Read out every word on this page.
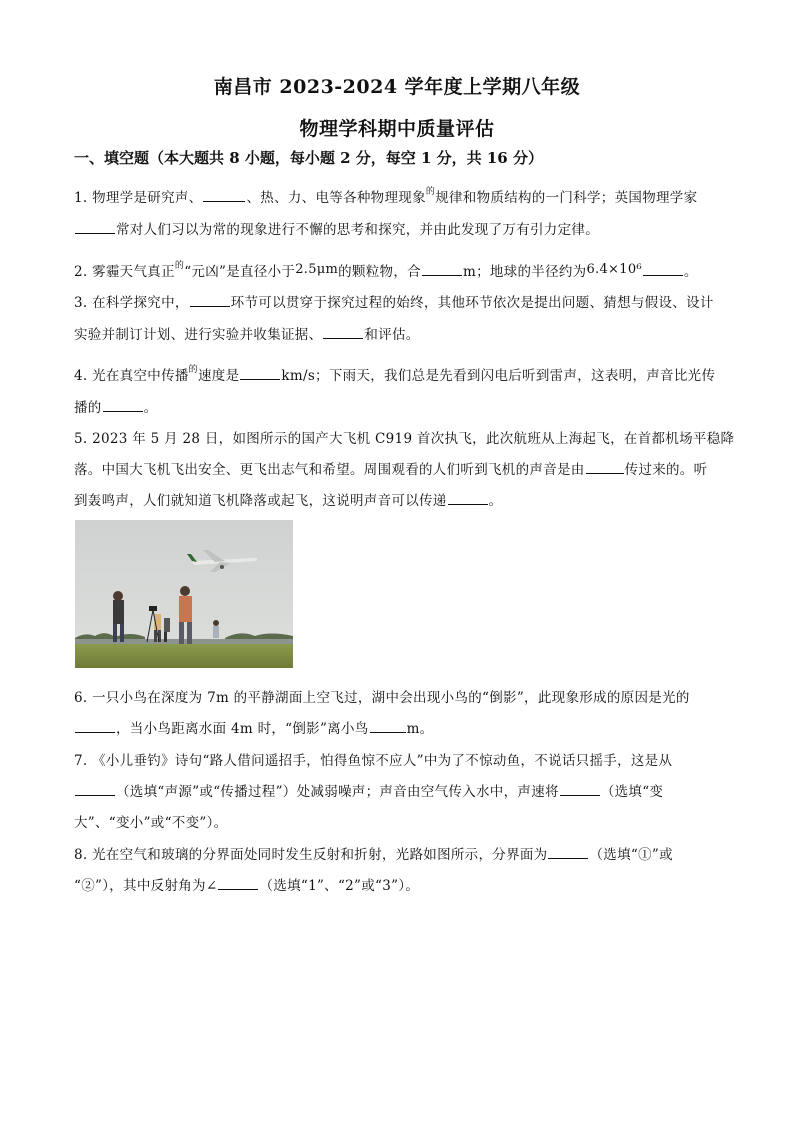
南昌市 2023-2024 学年度上学期八年级
物理学科期中质量评估
一、填空题（本大题共 8 小题，每小题 2 分，每空 1 分，共 16 分）
1. 物理学是研究声、	、热、力、电等各种物理现象$^的$规律和物质结构的一门科学；英国物理学家
常对人们习以为常的现象进行不懈的思考和探究，并由此发现了万有引力定律。
2. 雾霾天气真正$^的$“元凶”是直径小于2.5μm的颗粒物，合	m；地球的半径约为6.4×10⁶	。
3. 在科学探究中，	环节可以贯穿于探究过程的始终，其他环节依次是提出问题、猜想与假设、设计
实验并制订计划、进行实验并收集证据、	和评估。
4. 光在真空中传播$^的$速度是	km/s；下雨天，我们总是先看到闪电后听到雷声，这表明，声音比光传
播的	。
5. 2023 年 5 月 28 日，如图所示的国产大飞机 C919 首次执飞，此次航班从上海起飞，在首都机场平稳降
落。中国大飞机飞出安全、更飞出志气和希望。周围观看的人们听到飞机的声音是由	传过来的。听
到轰鸣声，人们就知道飞机降落或起飞，这说明声音可以传递	。
6. 一只小鸟在深度为 7m 的平静湖面上空飞过，湖中会出现小鸟的“倒影”，此现象形成的原因是光的
，当小鸟距离水面 4m 时，“倒影”离小鸟	m。
7. 《小儿垂钓》诗句“路人借问遥招手，怕得鱼惊不应人”中为了不惊动鱼，不说话只摇手，这是从
（选填“声源”或“传播过程”）处减弱噪声；声音由空气传入水中，声速将	（选填“变
大”、“变小”或“不变”）。
8. 光在空气和玻璃的分界面处同时发生反射和折射，光路如图所示，分界面为	（选填“①”或
“②”），其中反射角为∠	（选填“1”、“2”或“3”）。
